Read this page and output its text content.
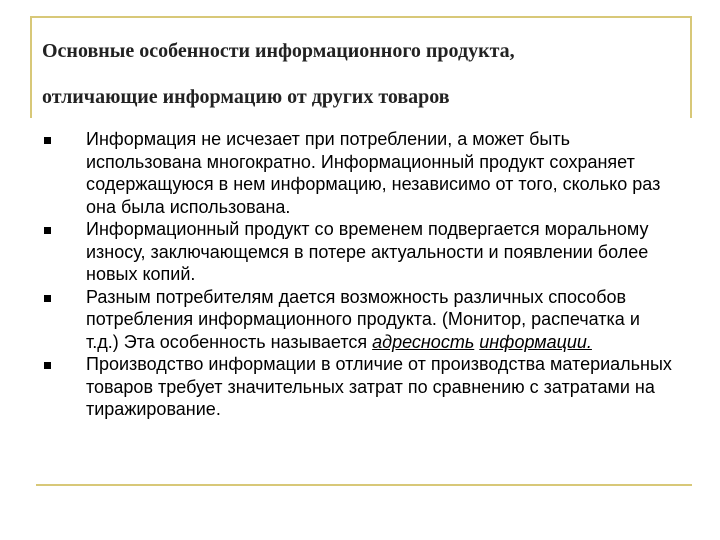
Основные особенности информационного продукта,
отличающие информацию от других товаров
Информация не исчезает при потреблении, а может быть использована многократно. Информационный продукт сохраняет содержащуюся в нем информацию, независимо от того, сколько раз она была использована.
Информационный продукт со временем подвергается моральному износу, заключающемся в потере актуальности и появлении более новых копий.
Разным потребителям дается возможность различных способов потребления информационного продукта. (Монитор, распечатка и т.д.) Эта особенность называется адресность информации.
Производство информации в отличие от производства материальных товаров требует значительных затрат по сравнению с затратами на тиражирование.
